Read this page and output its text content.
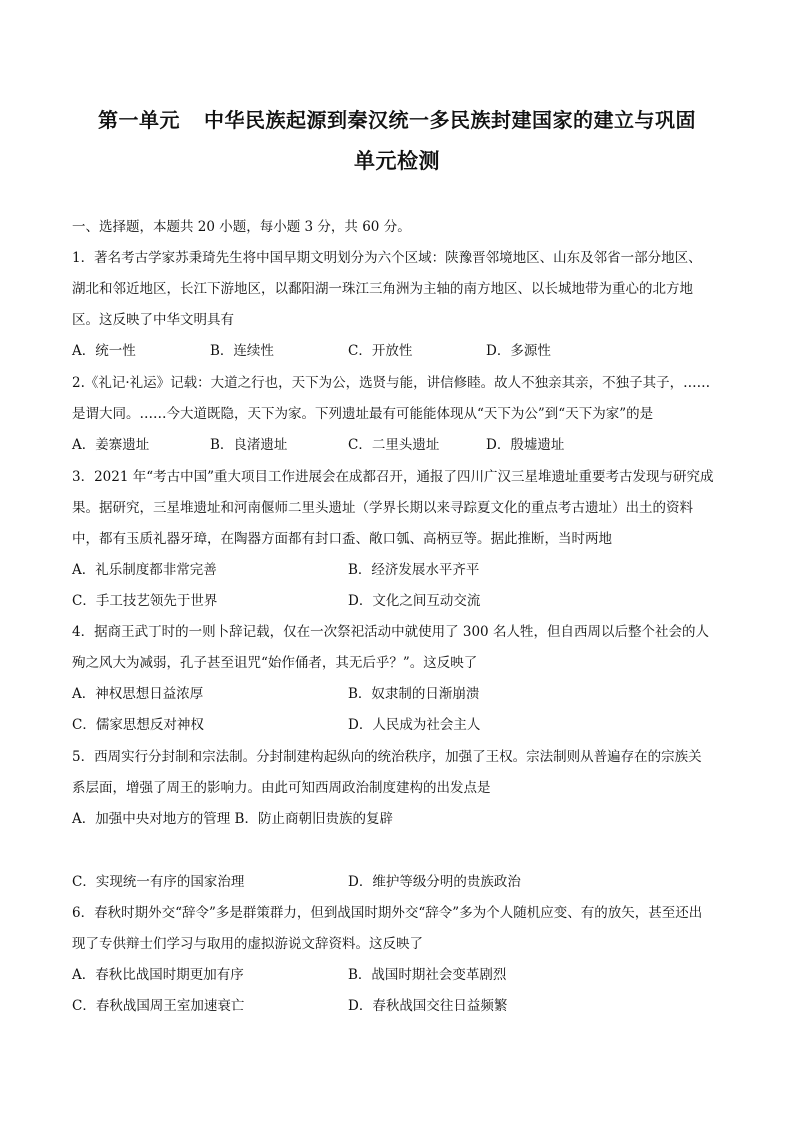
第一单元 中华民族起源到秦汉统一多民族封建国家的建立与巩固
单元检测
一、选择题，本题共 20 小题，每小题 3 分，共 60 分。
1．著名考古学家苏秉琦先生将中国早期文明划分为六个区域：陕豫晋邻境地区、山东及邻省一部分地区、
湖北和邻近地区，长江下游地区，以鄱阳湖一珠江三角洲为主轴的南方地区、以长城地带为重心的北方地
区。这反映了中华文明具有
A．统一性	B．连续性	C．开放性	D．多源性
2.《礼记·礼运》记载：大道之行也，天下为公，选贤与能，讲信修睦。故人不独亲其亲，不独子其子，……
是谓大同。……今大道既隐，天下为家。下列遗址最有可能能体现从“天下为公”到“天下为家”的是
A．姜寨遗址	B．良渚遗址	C．二里头遗址	D．殷墟遗址
3．2021 年“考古中国”重大项目工作进展会在成都召开，通报了四川广汉三星堆遗址重要考古发现与研究成
果。据研究，三星堆遗址和河南偃师二里头遗址（学界长期以来寻踪夏文化的重点考古遗址）出土的资料
中，都有玉质礼器牙璋，在陶器方面都有封口盉、敞口瓠、高柄豆等。据此推断，当时两地
A．礼乐制度都非常完善	B．经济发展水平齐平
C．手工技艺领先于世界	D．文化之间互动交流
4．据商王武丁时的一则卜辞记载，仅在一次祭祀活动中就使用了 300 名人牲，但自西周以后整个社会的人
殉之风大为减弱，孔子甚至诅咒“始作俑者，其无后乎？”。这反映了
A．神权思想日益浓厚	B．奴隶制的日渐崩溃
C．儒家思想反对神权	D．人民成为社会主人
5．西周实行分封制和宗法制。分封制建构起纵向的统治秩序，加强了王权。宗法制则从普遍存在的宗族关
系层面，增强了周王的影响力。由此可知西周政治制度建构的出发点是
A．加强中央对地方的管理 B．防止商朝旧贵族的复辟
C．实现统一有序的国家治理	D．维护等级分明的贵族政治
6．春秋时期外交“辞令”多是群策群力，但到战国时期外交“辞令”多为个人随机应变、有的放矢，甚至还出
现了专供辩士们学习与取用的虚拟游说文辞资料。这反映了
A．春秋比战国时期更加有序	B．战国时期社会变革剧烈
C．春秋战国周王室加速衰亡	D．春秋战国交往日益频繁
